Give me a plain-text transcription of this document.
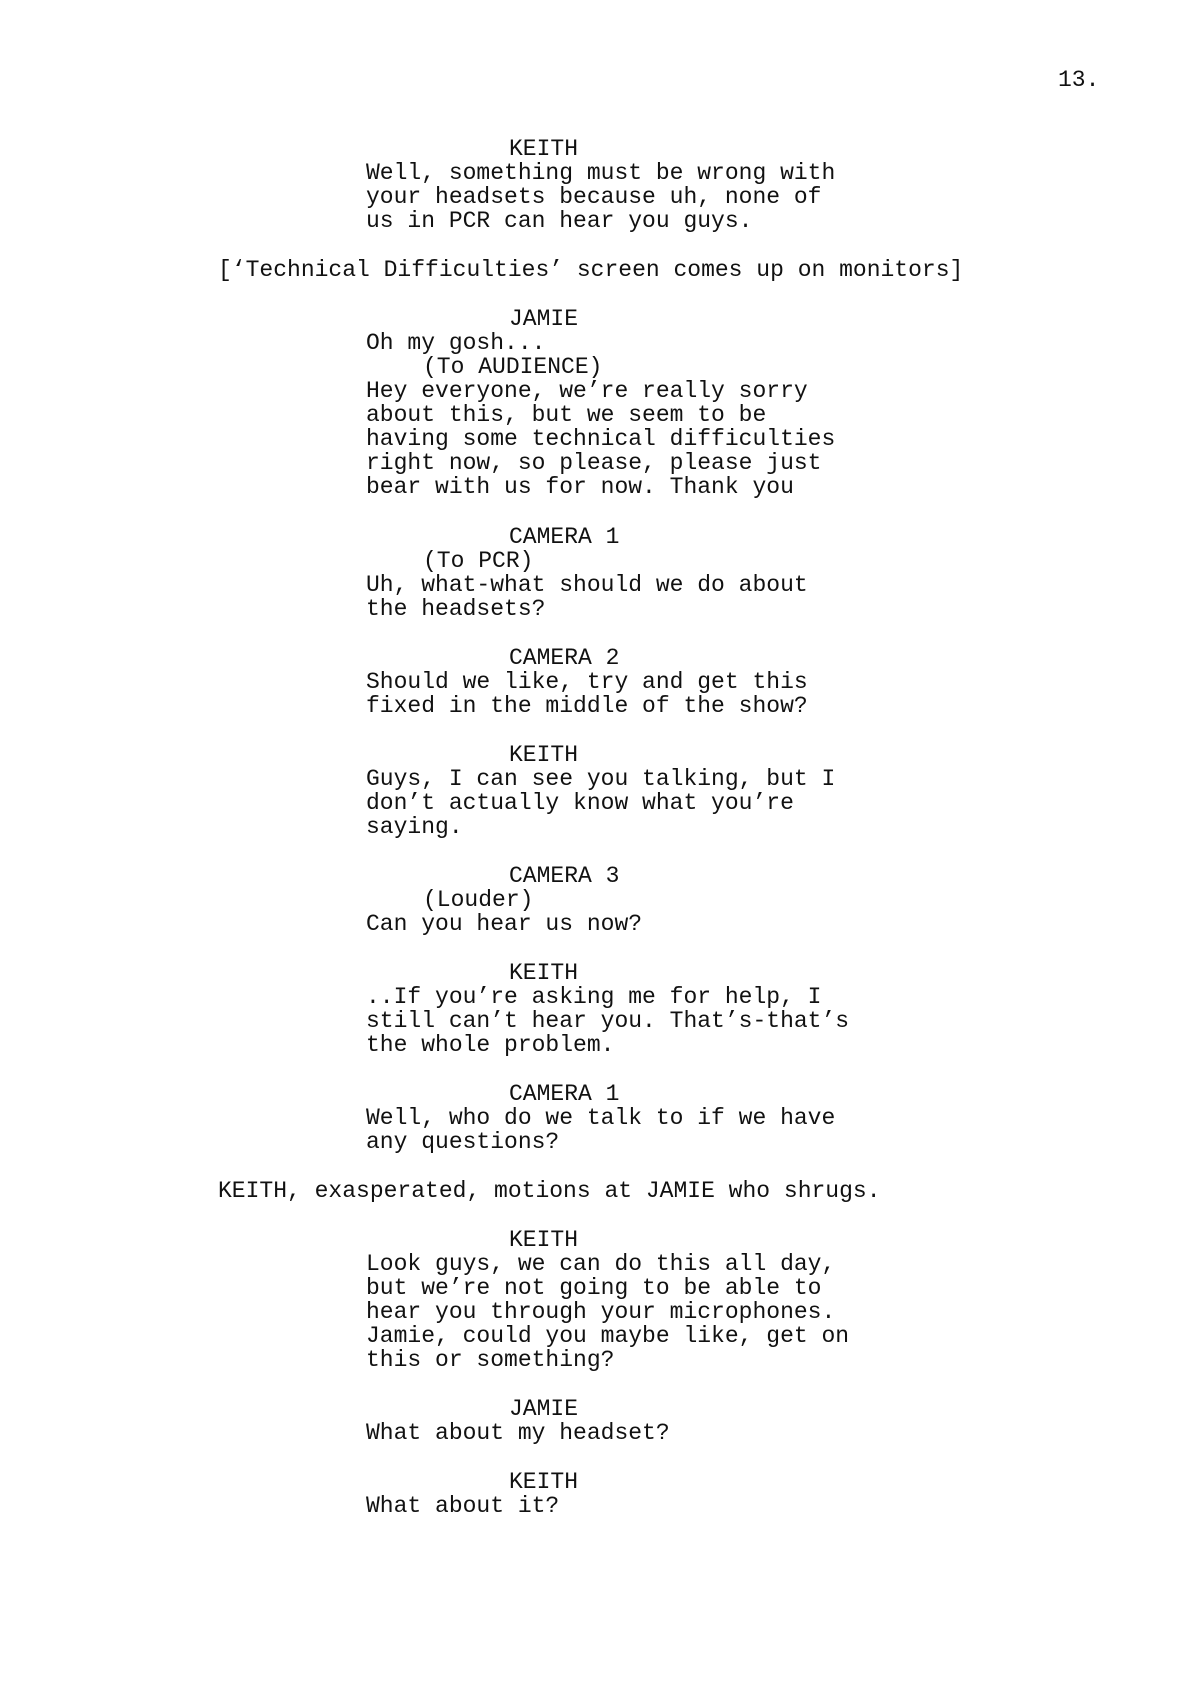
13.
KEITH
Well, something must be wrong with
your headsets because uh, none of
us in PCR can hear you guys.
[‘Technical Difficulties’ screen comes up on monitors]
JAMIE
Oh my gosh...
(To AUDIENCE)
Hey everyone, we’re really sorry
about this, but we seem to be
having some technical difficulties
right now, so please, please just
bear with us for now. Thank you
CAMERA 1
(To PCR)
Uh, what-what should we do about
the headsets?
CAMERA 2
Should we like, try and get this
fixed in the middle of the show?
KEITH
Guys, I can see you talking, but I
don’t actually know what you’re
saying.
CAMERA 3
(Louder)
Can you hear us now?
KEITH
..If you’re asking me for help, I
still can’t hear you. That’s-that’s
the whole problem.
CAMERA 1
Well, who do we talk to if we have
any questions?
KEITH, exasperated, motions at JAMIE who shrugs.
KEITH
Look guys, we can do this all day,
but we’re not going to be able to
hear you through your microphones.
Jamie, could you maybe like, get on
this or something?
JAMIE
What about my headset?
KEITH
What about it?
